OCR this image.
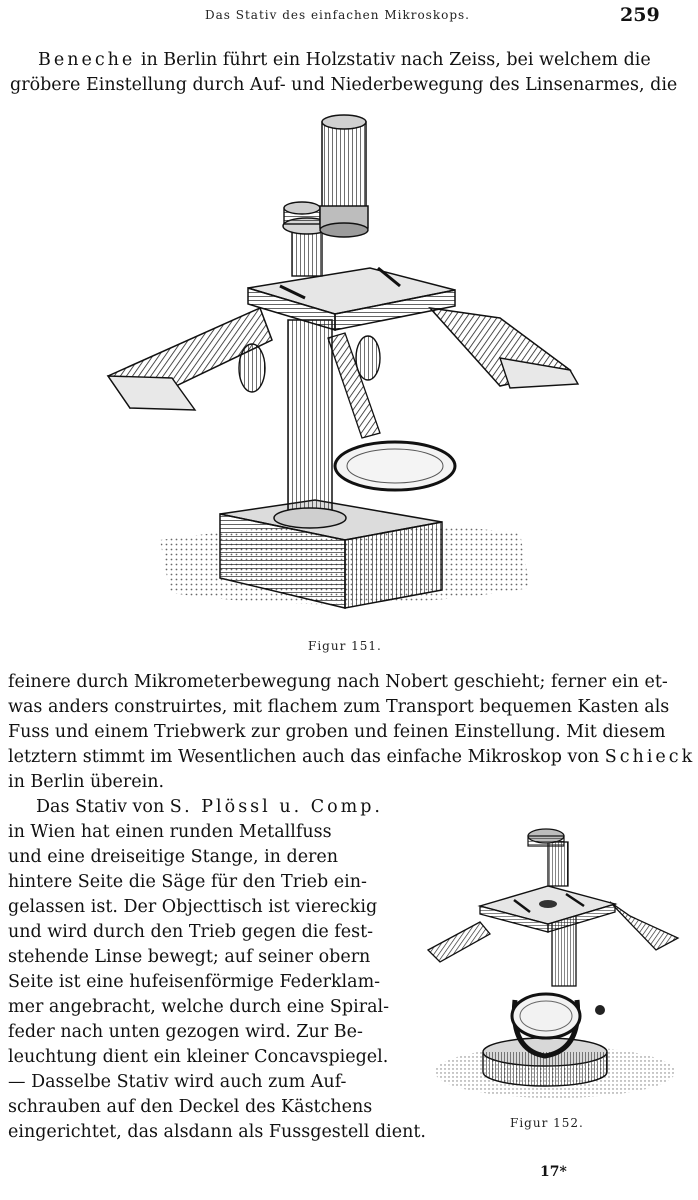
Das Stativ des einfachen Mikroskops.	259
Beneche in Berlin führt ein Holzstativ nach Zeiss, bei welchem die
gröbere Einstellung durch Auf- und Niederbewegung des Linsenarmes, die
Figur 151.
feinere durch Mikrometerbewegung nach Nobert geschieht; ferner ein et-
was anders construirtes, mit flachem zum Transport bequemen Kasten als
Fuss und einem Triebwerk zur groben und feinen Einstellung. Mit diesem
letztern stimmt im Wesentlichen auch das einfache Mikroskop von Schieck
in Berlin überein.
Das Stativ von S. Plössl u. Comp.
in Wien hat einen runden Metallfuss
und eine dreiseitige Stange, in deren
hintere Seite die Säge für den Trieb ein-
gelassen ist. Der Objecttisch ist viereckig
und wird durch den Trieb gegen die fest-
stehende Linse bewegt; auf seiner obern
Seite ist eine hufeisenförmige Federklam-
mer angebracht, welche durch eine Spiral-
feder nach unten gezogen wird. Zur Be-
leuchtung dient ein kleiner Concavspiegel.
— Dasselbe Stativ wird auch zum Auf-
schrauben auf den Deckel des Kästchens
eingerichtet, das alsdann als Fussgestell dient.	Figur 152.
17*
